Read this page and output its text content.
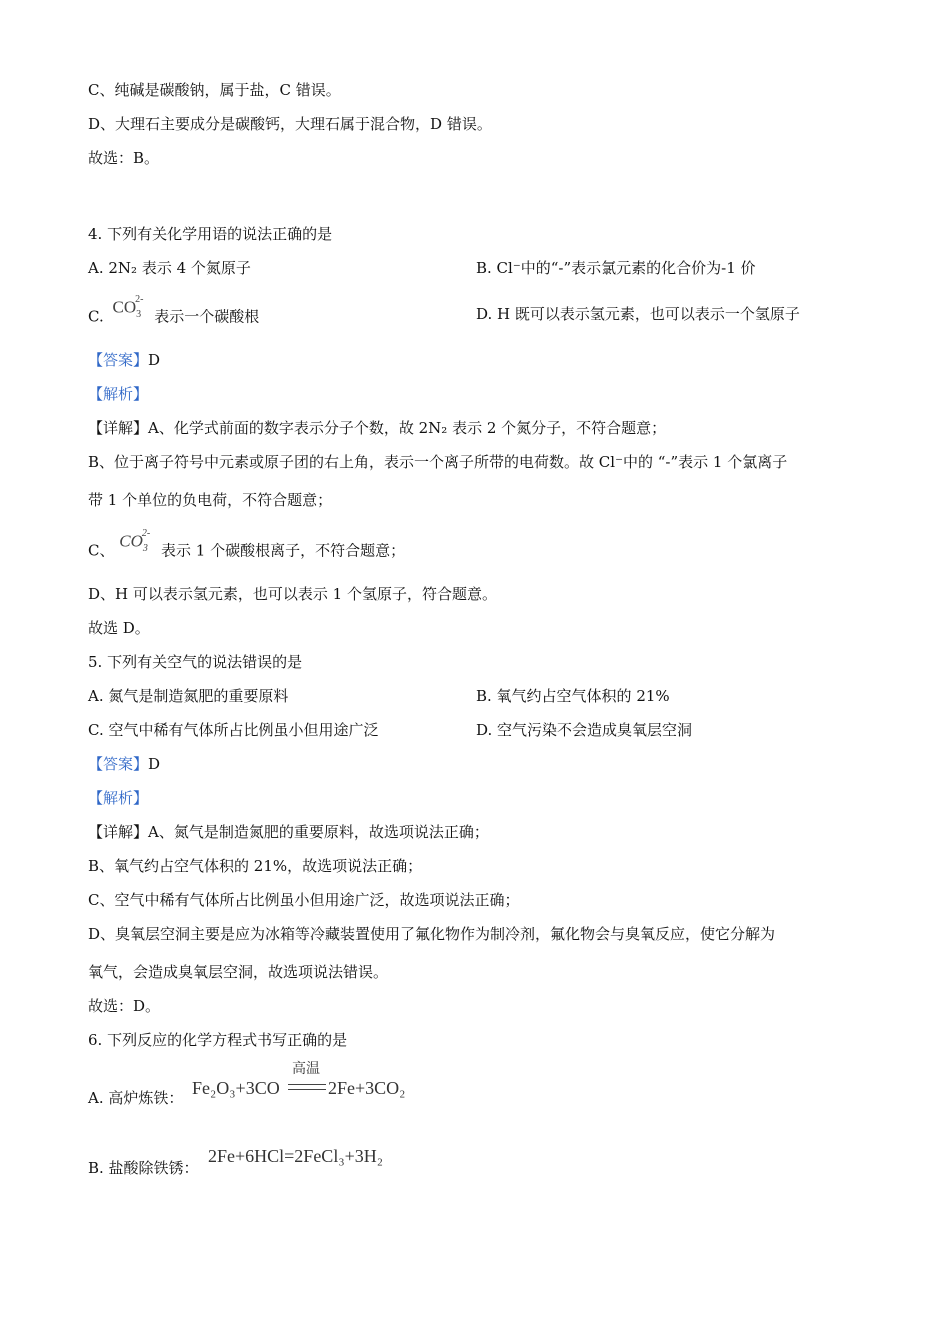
C、纯碱是碳酸钠，属于盐，C 错误。
D、大理石主要成分是碳酸钙，大理石属于混合物，D 错误。
故选：B。
4. 下列有关化学用语的说法正确的是
A. 2N₂ 表示 4 个氮原子	B. Cl⁻中的“-”表示氯元素的化合价为-1 价
C. $CO_3^{2-}$ 表示一个碳酸根	D. H 既可以表示氢元素，也可以表示一个氢原子
【答案】D
【解析】
【详解】A、化学式前面的数字表示分子个数，故 2N₂ 表示 2 个氮分子，不符合题意；
B、位于离子符号中元素或原子团的右上角，表示一个离子所带的电荷数。故 Cl⁻中的 “-”表示 1 个氯离子
带 1 个单位的负电荷，不符合题意；
C、 $CO_3^{2-}$ 表示 1 个碳酸根离子，不符合题意；
D、H 可以表示氢元素，也可以表示 1 个氢原子，符合题意。
故选 D。
5. 下列有关空气的说法错误的是
A. 氮气是制造氮肥的重要原料	B. 氧气约占空气体积的 21%
C. 空气中稀有气体所占比例虽小但用途广泛	D. 空气污染不会造成臭氧层空洞
【答案】D
【解析】
【详解】A、氮气是制造氮肥的重要原料，故选项说法正确；
B、氧气约占空气体积的 21%，故选项说法正确；
C、空气中稀有气体所占比例虽小但用途广泛，故选项说法正确；
D、臭氧层空洞主要是应为冰箱等冷藏装置使用了氟化物作为制冷剂，氟化物会与臭氧反应，使它分解为
氧气，会造成臭氧层空洞，故选项说法错误。
故选：D。
6. 下列反应的化学方程式书写正确的是
A. 高炉炼铁： Fe₂O₃+3CO
高温
2Fe+3CO₂
B. 盐酸除铁锈：
2Fe+6HCl=2FeCl₃+3H₂
